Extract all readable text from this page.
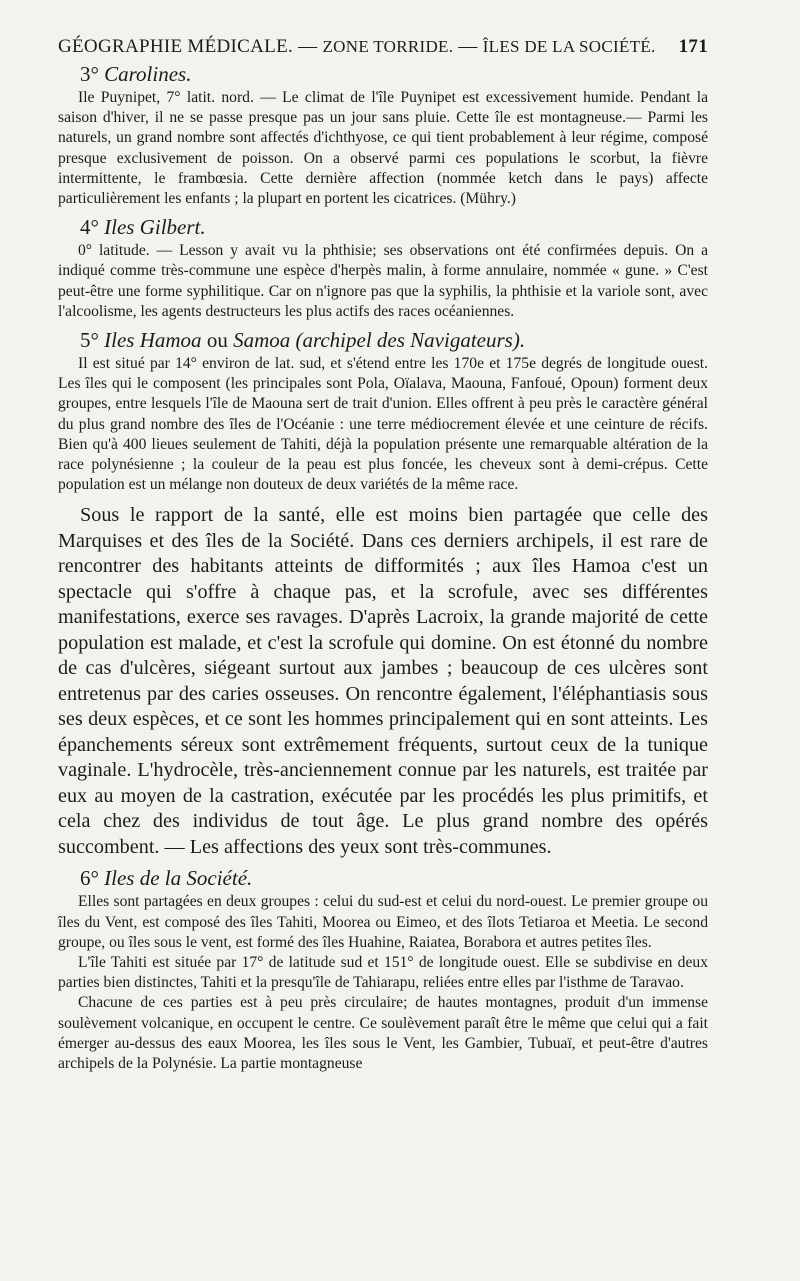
GÉOGRAPHIE MÉDICALE. — ZONE TORRIDE. — ÎLES DE LA SOCIÉTÉ. 171
3° Carolines.

Ile Puynipet, 7° latit. nord. — Le climat de l'île Puynipet est excessivement humide. Pendant la saison d'hiver, il ne se passe presque pas un jour sans pluie. Cette île est montagneuse.— Parmi les naturels, un grand nombre sont affectés d'ichthyose, ce qui tient probablement à leur régime, composé presque exclusivement de poisson. On a observé parmi ces populations le scorbut, la fièvre intermittente, le frambœsia. Cette dernière affection (nommée ketch dans le pays) affecte particulièrement les enfants ; la plupart en portent les cicatrices. (Mühry.)

4° Iles Gilbert.

0° latitude. — Lesson y avait vu la phthisie; ses observations ont été confirmées depuis. On a indiqué comme très-commune une espèce d'herpès malin, à forme annulaire, nommée « gune. » C'est peut-être une forme syphilitique. Car on n'ignore pas que la syphilis, la phthisie et la variole sont, avec l'alcoolisme, les agents destructeurs les plus actifs des races océaniennes.

5° Iles Hamoa ou Samoa (archipel des Navigateurs).

Il est situé par 14° environ de lat. sud, et s'étend entre les 170e et 175e degrés de longitude ouest. Les îles qui le composent (les principales sont Pola, Oïalava, Maouna, Fanfoué, Opoun) forment deux groupes, entre lesquels l'île de Maouna sert de trait d'union. Elles offrent à peu près le caractère général du plus grand nombre des îles de l'Océanie : une terre médiocrement élevée et une ceinture de récifs. Bien qu'à 400 lieues seulement de Tahiti, déjà la population présente une remarquable altération de la race polynésienne ; la couleur de la peau est plus foncée, les cheveux sont à demi-crépus. Cette population est un mélange non douteux de deux variétés de la même race.

Sous le rapport de la santé, elle est moins bien partagée que celle des Marquises et des îles de la Société. Dans ces derniers archipels, il est rare de rencontrer des habitants atteints de difformités ; aux îles Hamoa c'est un spectacle qui s'offre à chaque pas, et la scrofule, avec ses différentes manifestations, exerce ses ravages. D'après Lacroix, la grande majorité de cette population est malade, et c'est la scrofule qui domine. On est étonné du nombre de cas d'ulcères, siégeant surtout aux jambes ; beaucoup de ces ulcères sont entretenus par des caries osseuses. On rencontre également, l'éléphantiasis sous ses deux espèces, et ce sont les hommes principalement qui en sont atteints. Les épanchements séreux sont extrêmement fréquents, surtout ceux de la tunique vaginale. L'hydrocèle, très-anciennement connue par les naturels, est traitée par eux au moyen de la castration, exécutée par les procédés les plus primitifs, et cela chez des individus de tout âge. Le plus grand nombre des opérés succombent. — Les affections des yeux sont très-communes.

6° Iles de la Société.

Elles sont partagées en deux groupes : celui du sud-est et celui du nord-ouest. Le premier groupe ou îles du Vent, est composé des îles Tahiti, Moorea ou Eimeo, et des îlots Tetiaroa et Meetia. Le second groupe, ou îles sous le vent, est formé des îles Huahine, Raiatea, Borabora et autres petites îles.

L'île Tahiti est située par 17° de latitude sud et 151° de longitude ouest. Elle se subdivise en deux parties bien distinctes, Tahiti et la presqu'île de Tahiarapu, reliées entre elles par l'isthme de Taravao.

Chacune de ces parties est à peu près circulaire; de hautes montagnes, produit d'un immense soulèvement volcanique, en occupent le centre. Ce soulèvement paraît être le même que celui qui a fait émerger au-dessus des eaux Moorea, les îles sous le Vent, les Gambier, Tubuaï, et peut-être d'autres archipels de la Polynésie. La partie montagneuse
